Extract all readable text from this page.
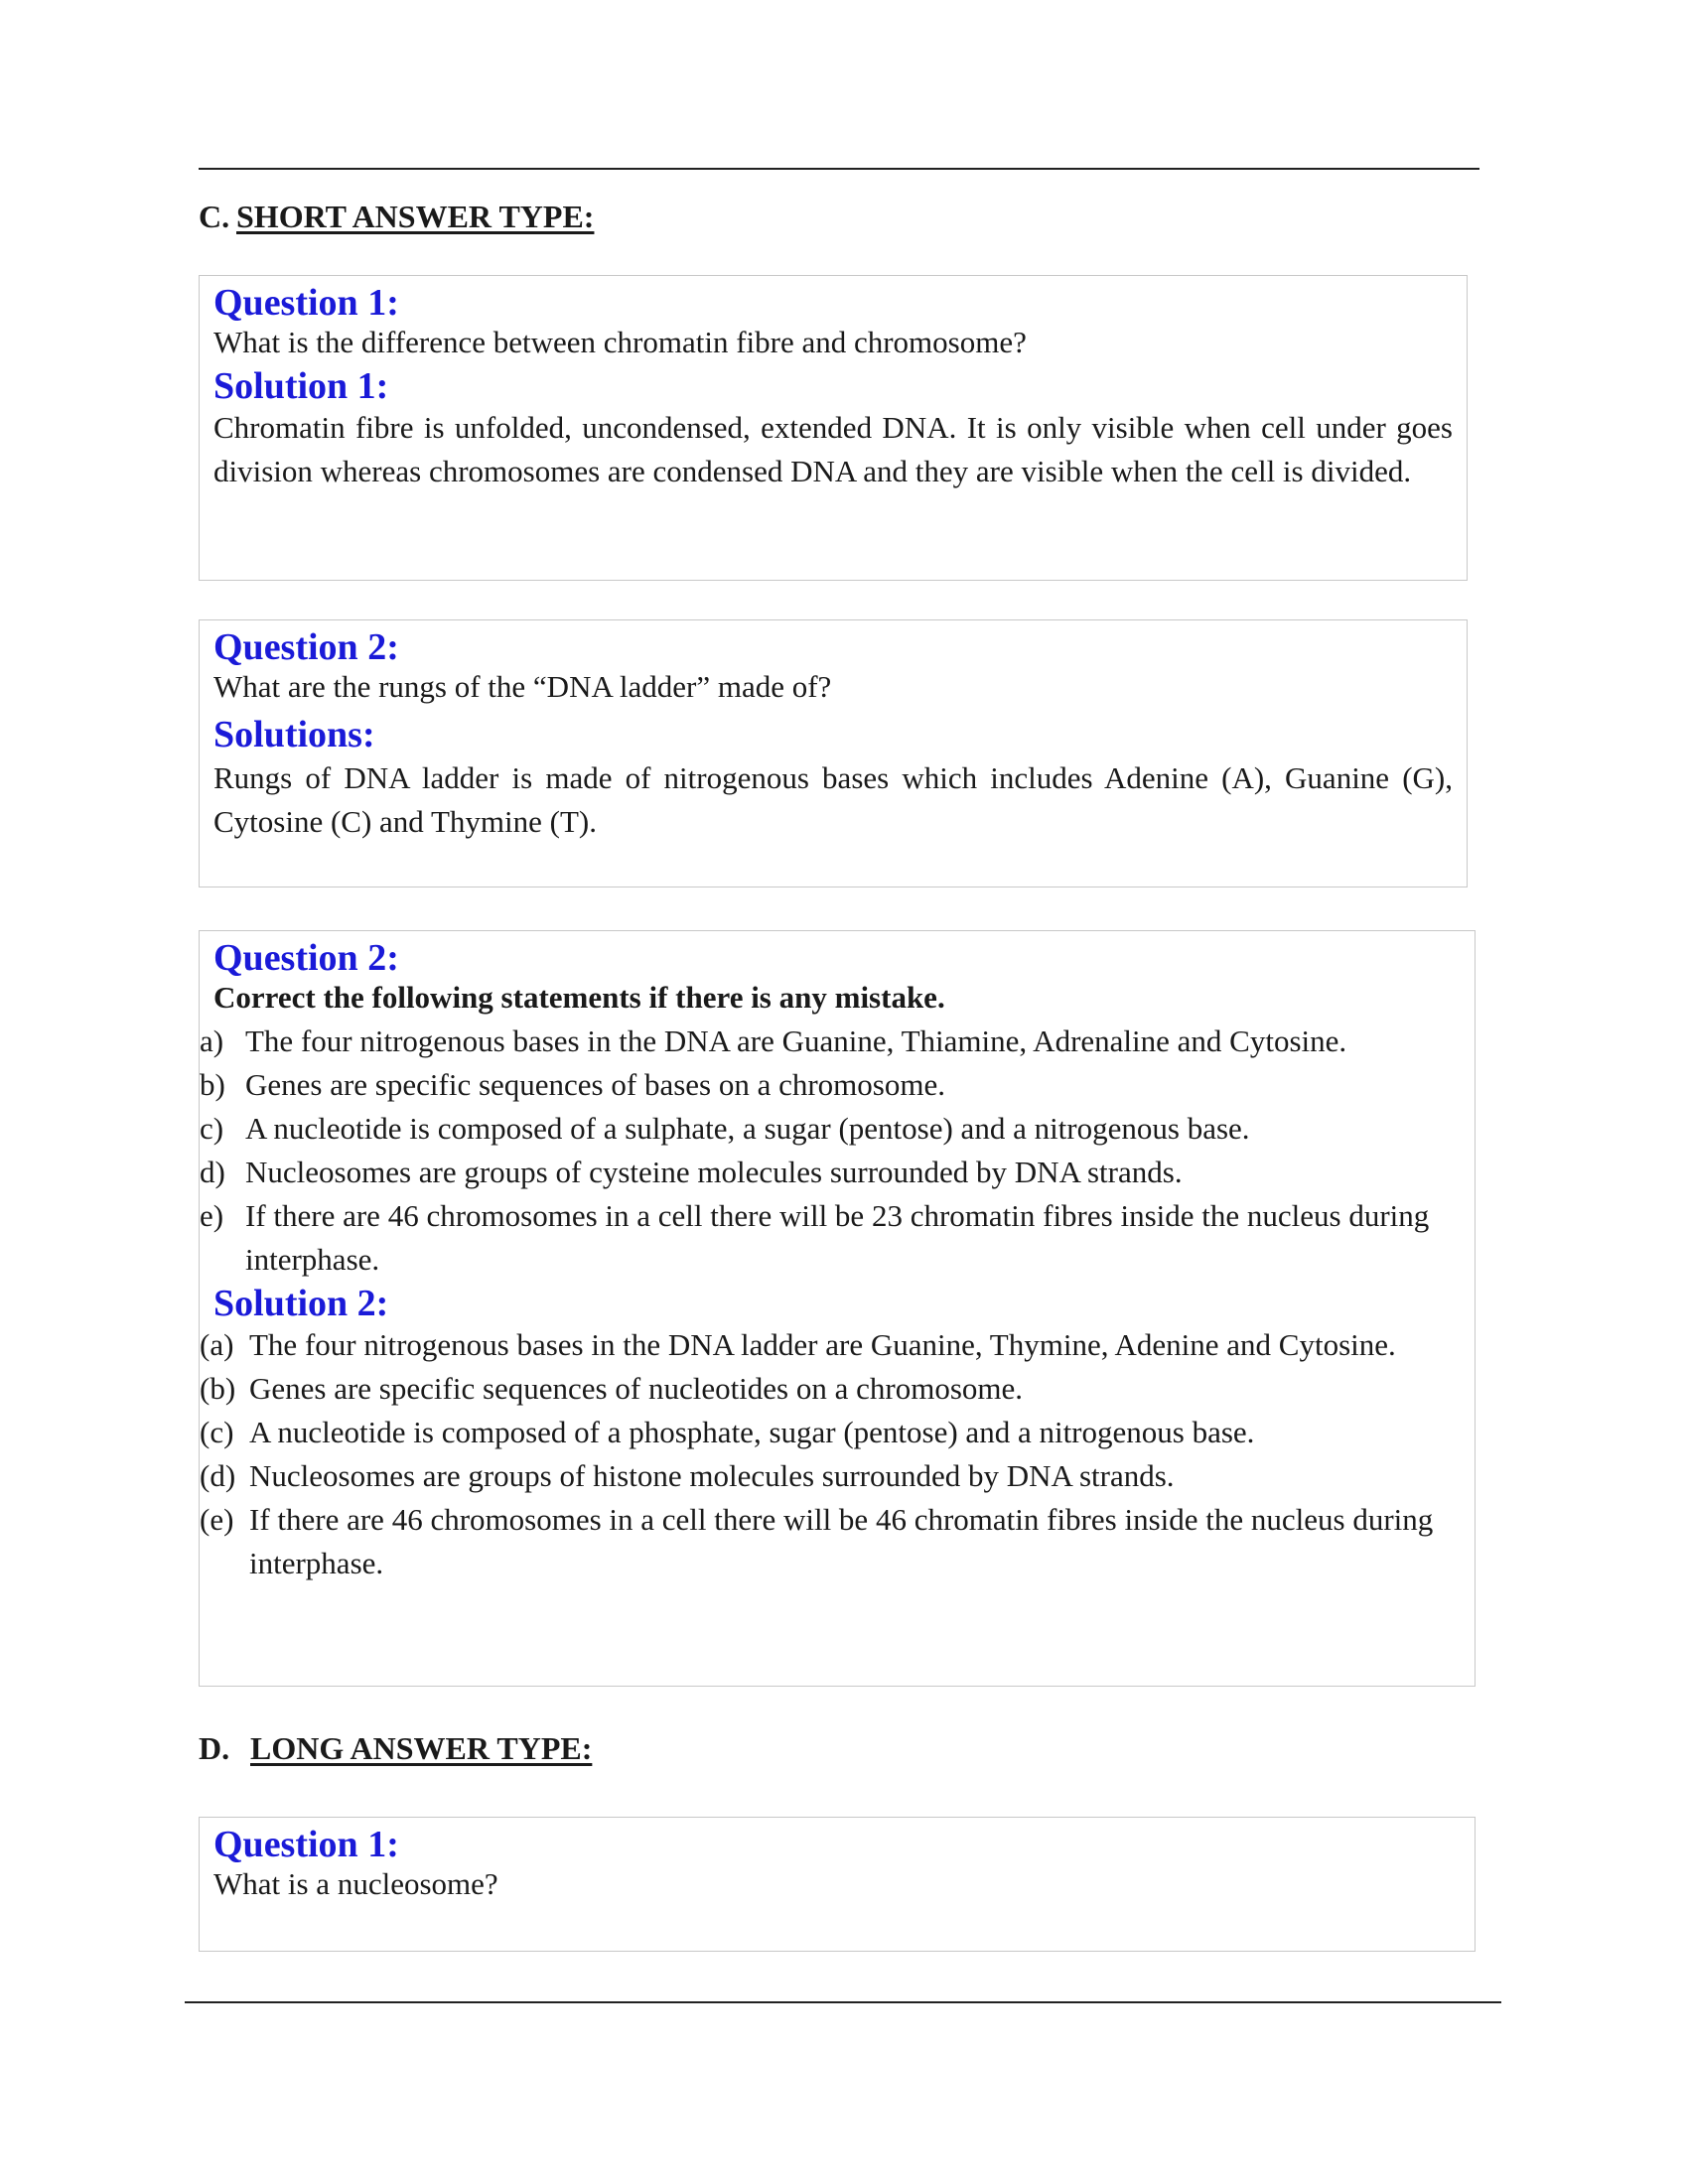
C. SHORT ANSWER TYPE:

Question 1:

What is the difference between chromatin fibre and chromosome?

Solution 1:

Chromatin fibre is unfolded, uncondensed, extended DNA. It is only visible when cell under goes division whereas chromosomes are condensed DNA and they are visible when the cell is divided.

Question 2:

What are the rungs of the “DNA ladder” made of?

Solutions:

Rungs of DNA ladder is made of nitrogenous bases which includes Adenine (A), Guanine (G), Cytosine (C) and Thymine (T).

Question 2:

Correct the following statements if there is any mistake.

a) The four nitrogenous bases in the DNA are Guanine, Thiamine, Adrenaline and Cytosine.
b) Genes are specific sequences of bases on a chromosome.
c) A nucleotide is composed of a sulphate, a sugar (pentose) and a nitrogenous base.
d) Nucleosomes are groups of cysteine molecules surrounded by DNA strands.
e) If there are 46 chromosomes in a cell there will be 23 chromatin fibres inside the nucleus during interphase.

Solution 2:

(a) The four nitrogenous bases in the DNA ladder are Guanine, Thymine, Adenine and Cytosine.
(b) Genes are specific sequences of nucleotides on a chromosome.
(c) A nucleotide is composed of a phosphate, sugar (pentose) and a nitrogenous base.
(d) Nucleosomes are groups of histone molecules surrounded by DNA strands.
(e) If there are 46 chromosomes in a cell there will be 46 chromatin fibres inside the nucleus during interphase.
D. LONG ANSWER TYPE:

Question 1:

What is a nucleosome?
